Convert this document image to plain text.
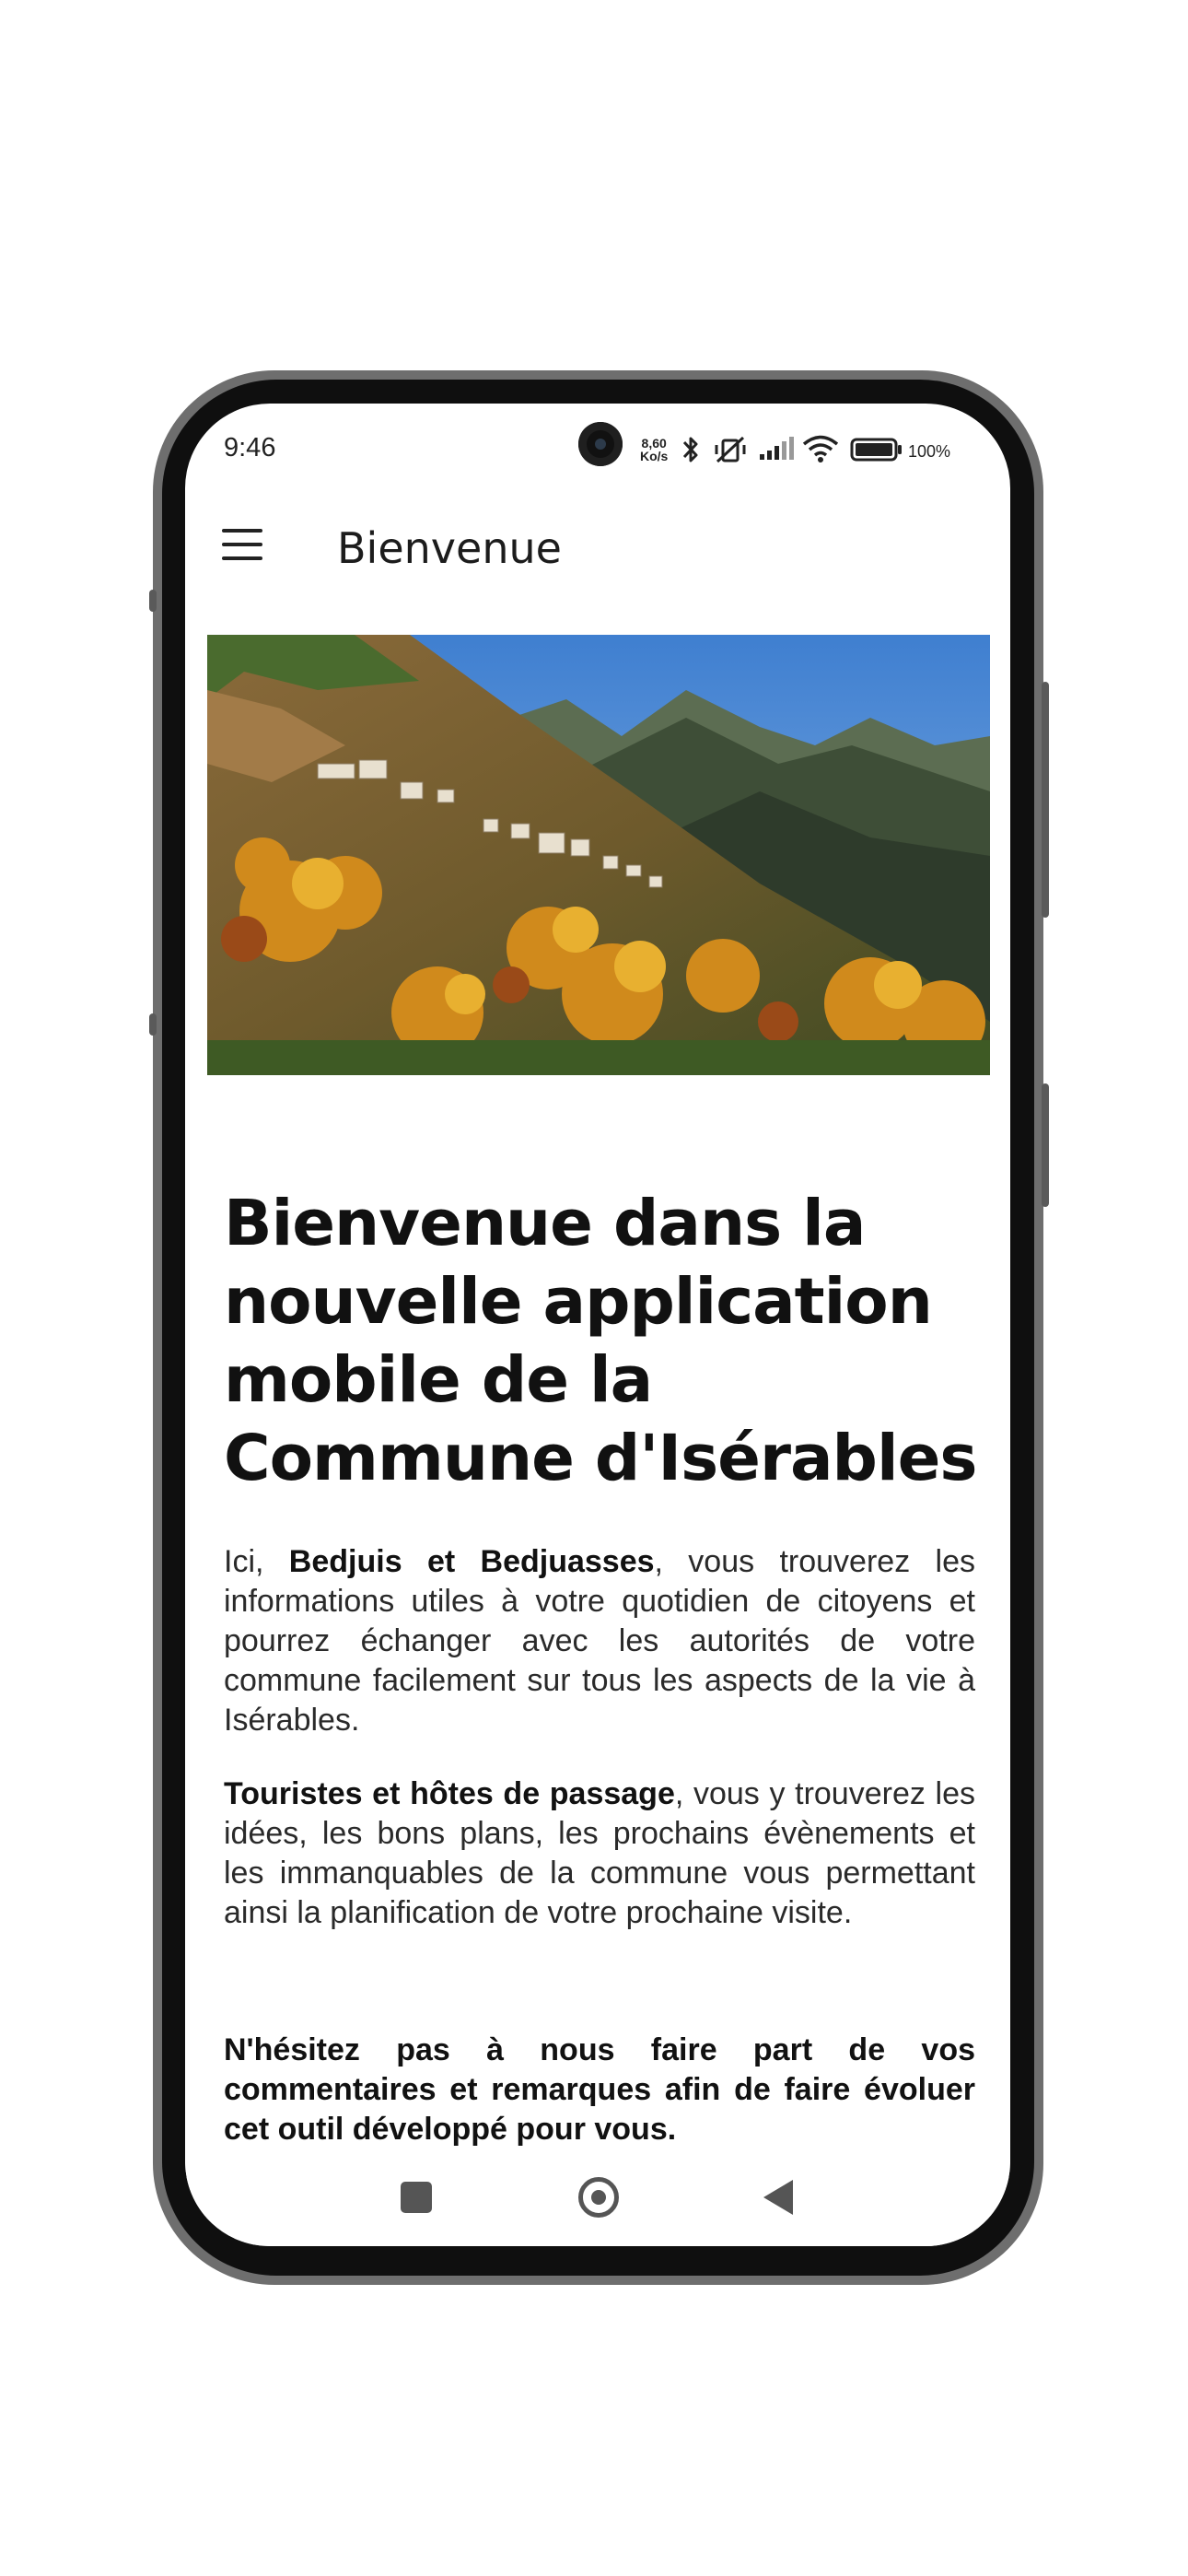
9:46	8,60
Ko/s	100%
Bienvenue
Bienvenue dans la nouvelle application mobile de la Commune d'Isérables

Ici, Bedjuis et Bedjuasses, vous trouverez les informations utiles à votre quotidien de citoyens et pourrez échanger avec les autorités de votre commune facilement sur tous les aspects de la vie à Isérables.

Touristes et hôtes de passage, vous y trouverez les idées, les bons plans, les prochains évènements et les immanquables de la commune vous permettant ainsi la planification de votre prochaine visite.

N'hésitez pas à nous faire part de vos commentaires et remarques afin de faire évoluer cet outil développé pour vous.
